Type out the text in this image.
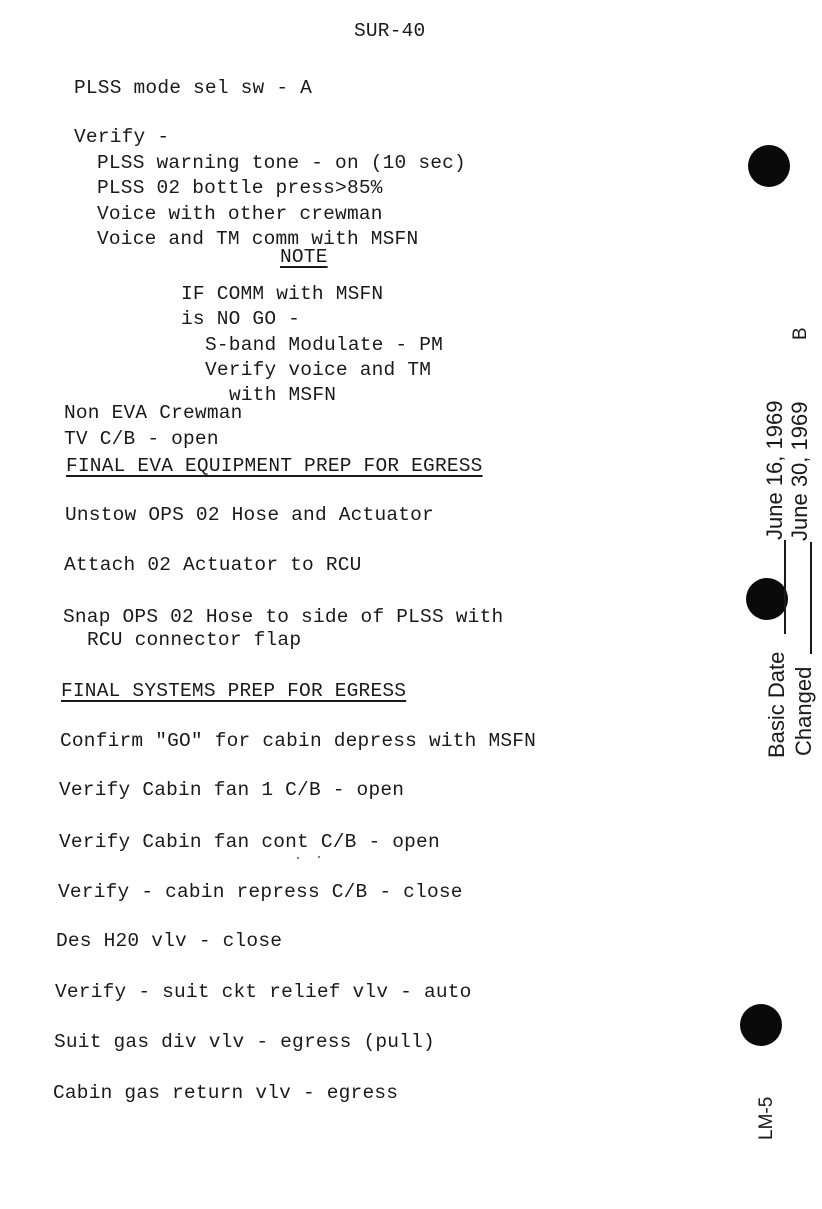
SUR-40
PLSS mode sel sw - A
Verify -
PLSS warning tone - on (10 sec)
PLSS 02 bottle press>85%
Voice with other crewman
Voice and TM comm with MSFN
NOTE
IF COMM with MSFN
is NO GO -
S-band Modulate - PM
Verify voice and TM
with MSFN
Non EVA Crewman
TV C/B - open
FINAL EVA EQUIPMENT PREP FOR EGRESS
Unstow OPS 02 Hose and Actuator
Attach 02 Actuator to RCU
Snap OPS 02 Hose to side of PLSS with
RCU connector flap
FINAL SYSTEMS PREP FOR EGRESS
Confirm "GO" for cabin depress with MSFN
Verify Cabin fan 1 C/B - open
Verify Cabin fan cont C/B - open
Verify - cabin repress C/B - close
Des H20 vlv - close
Verify - suit ckt relief vlv - auto
Suit gas div vlv - egress (pull)
Cabin gas return vlv - egress
B
June 16, 1969 June 30, 1969
Basic Date Changed
LM-5
